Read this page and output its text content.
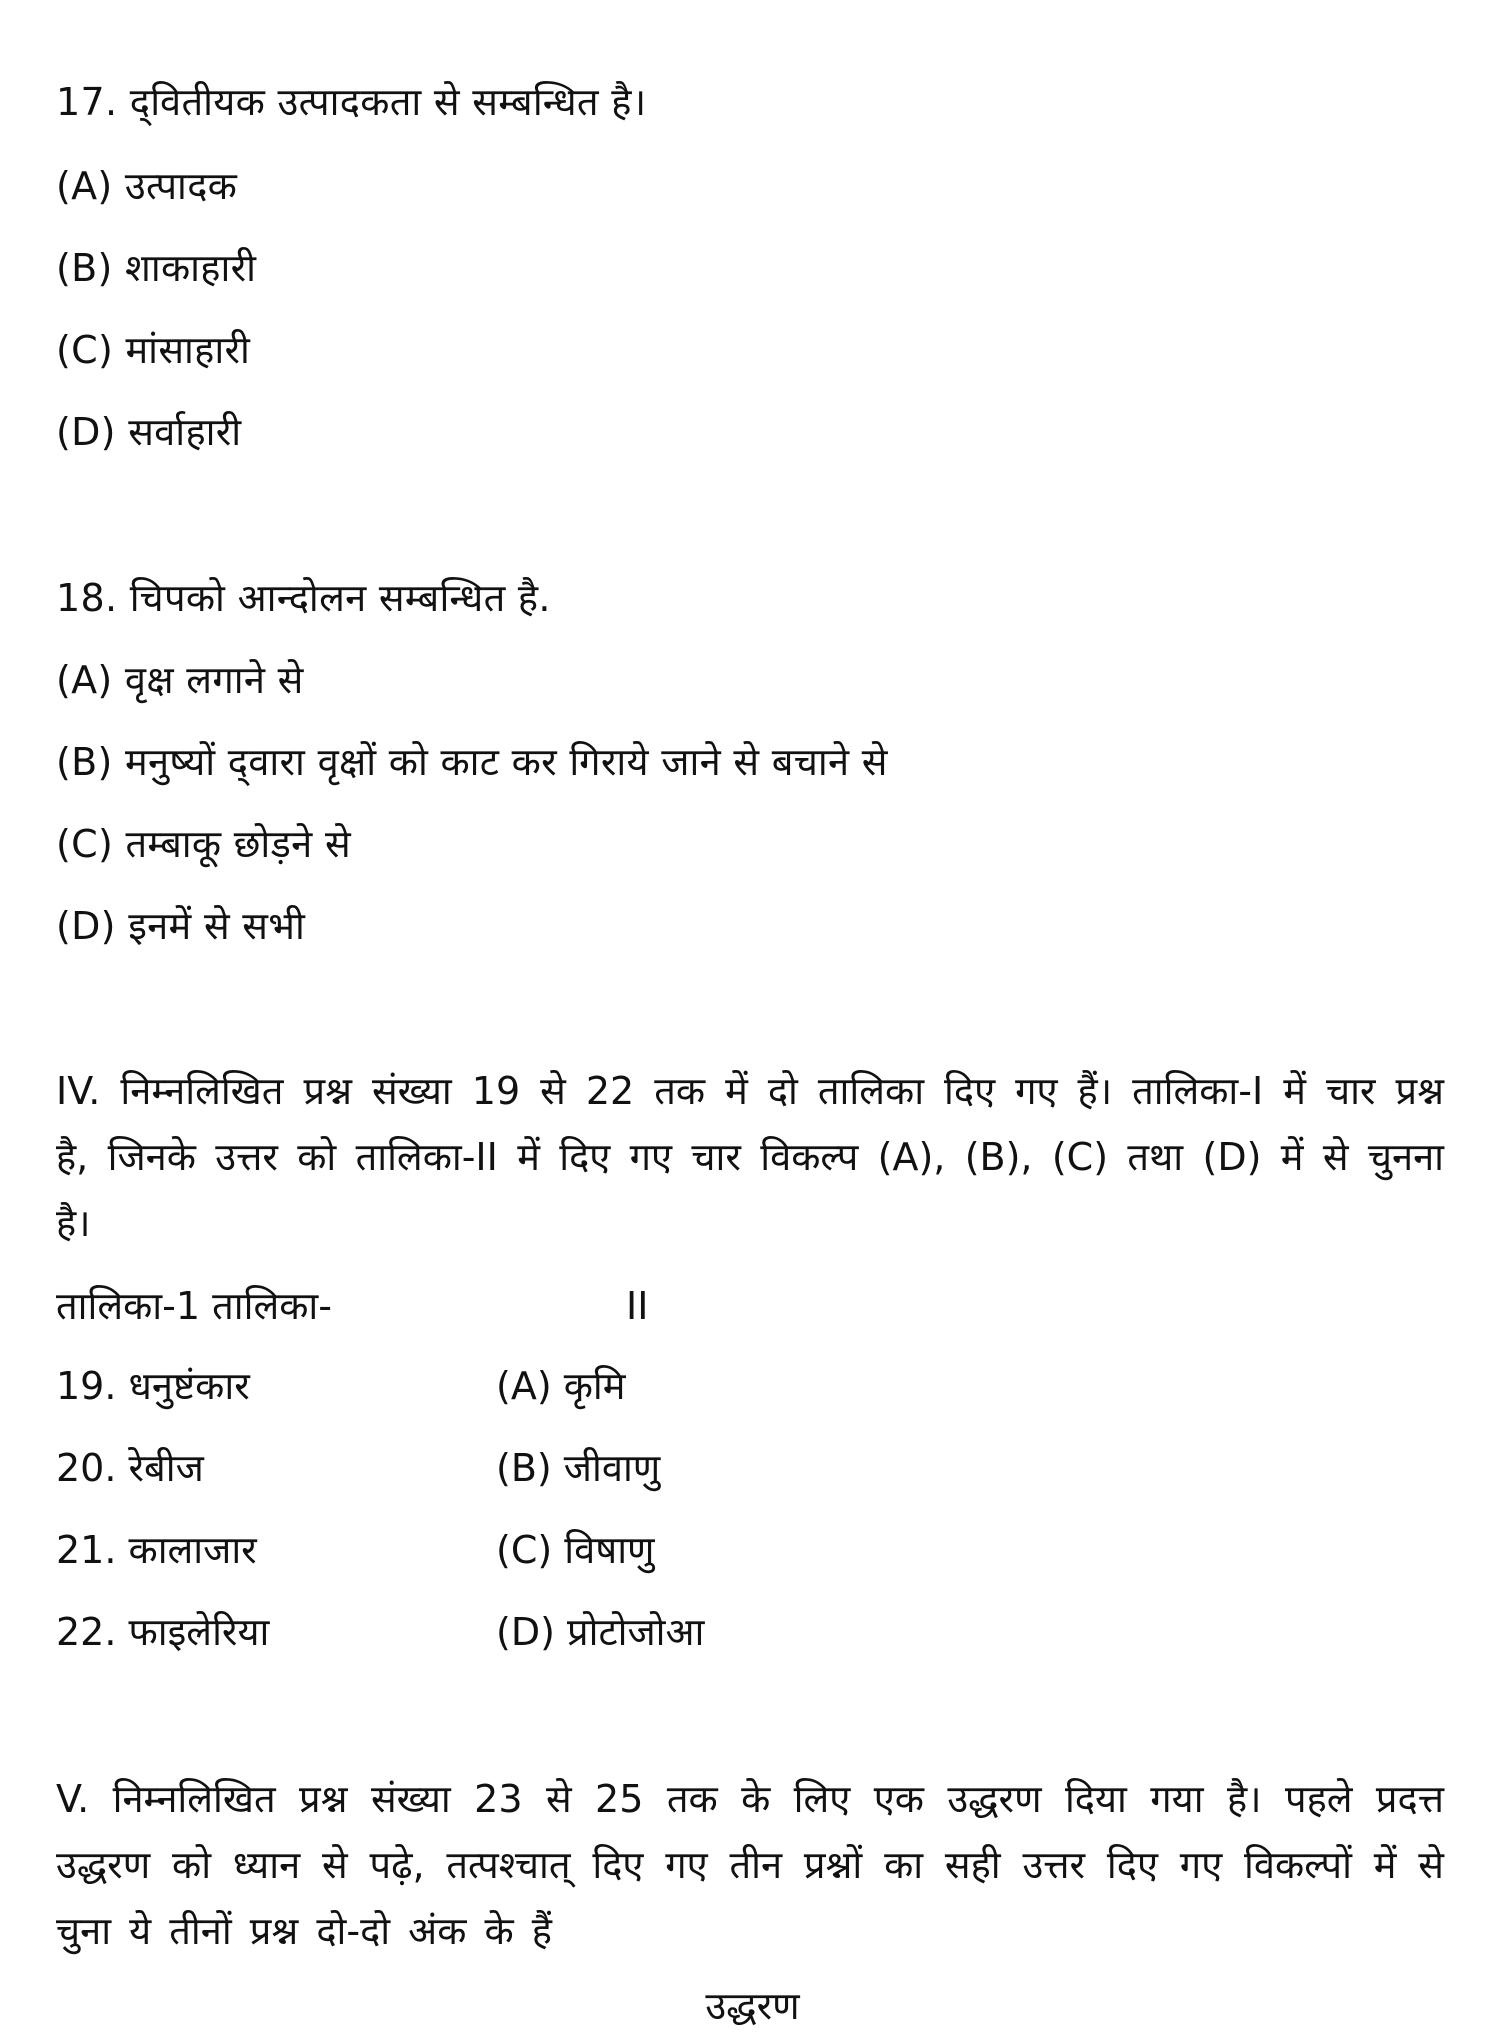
17. द्‌वितीयक उत्पादकता से सम्बन्धित है।
(A) उत्पादक
(B) शाकाहारी
(C) मांसाहारी
(D) सर्वाहारी
18. चिपको आन्दोलन सम्बन्धित है.
(A) वृक्ष लगाने से
(B) मनुष्यों द्‌वारा वृक्षों को काट कर गिराये जाने से बचाने से
(C) तम्बाकू छोड़ने से
(D) इनमें से सभी
IV. निम्नलिखित प्रश्न संख्या 19 से 22 तक में दो तालिका दिए गए हैं। तालिका-I में चार प्रश्न है, जिनके उत्तर को तालिका-II में दिए गए चार विकल्प (A), (B), (C) तथा (D) में से चुनना है।
तालिका-1 तालिका-	II
19. धनुष्टंकार	(A) कृमि
20. रेबीज	(B) जीवाणु
21. कालाजार	(C) विषाणु
22. फाइलेरिया	(D) प्रोटोजोआ
V. निम्नलिखित प्रश्न संख्या 23 से 25 तक के लिए एक उद्धरण दिया गया है। पहले प्रदत्त उद्धरण को ध्यान से पढ़े, तत्पश्चात् दिए गए तीन प्रश्नों का सही उत्तर दिए गए विकल्पों में से चुना ये तीनों प्रश्न दो-दो अंक के हैं
उद्धरण
